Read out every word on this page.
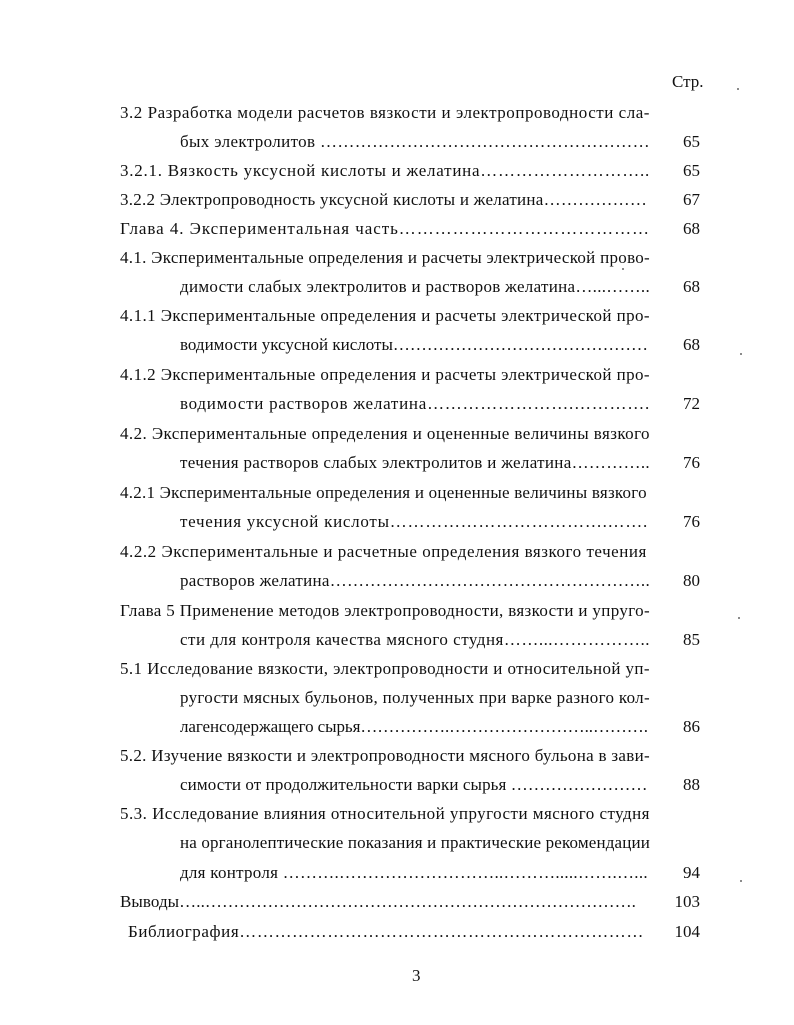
Стр.
3.2 Разработка модели расчетов вязкости и электропроводности сла-
бых электролитов ………………………………………………… 65
3.2.1. Вязкость уксусной кислоты и желатина……………………….. 65
3.2.2 Электропроводность уксусной кислоты и желатина……………… 67
Глава 4. Экспериментальная часть…………………………………… 68
4.1. Экспериментальные определения и расчеты электрической прово-
димости слабых электролитов и растворов желатина…...…….. 68
4.1.1 Экспериментальные определения и расчеты электрической про-
водимости уксусной кислоты……………………………………… 68
4.1.2 Экспериментальные определения и расчеты электрической про-
водимости растворов желатина…………………….…………. 72
4.2. Экспериментальные определения и оцененные величины вязкого
течения растворов слабых электролитов и желатина………….. 76
4.2.1 Экспериментальные определения и оцененные величины вязкого
течения уксусной кислоты……………………………….……. 76
4.2.2 Экспериментальные и расчетные определения вязкого течения
растворов желатина……………………………………………….. 80
Глава 5 Применение методов электропроводности, вязкости и упруго-
сти для контроля качества мясного студня……...…………….. 85
5.1 Исследование вязкости, электропроводности и относительной уп-
ругости мясных бульонов, полученных при варке разного кол-
лагенсодержащего сырья…………….……………………..………. 86
5.2. Изучение вязкости и электропроводности мясного бульона в зави-
симости от продолжительности варки сырья …………………… 88
5.3. Исследование влияния относительной упругости мясного студня
на органолептические показания и практические рекомендации
для контроля ……….………………………..……….....…….…... 94
Выводы…..…………………………………………………………………. 103
Библиография…………………………………………………………… 104
3
